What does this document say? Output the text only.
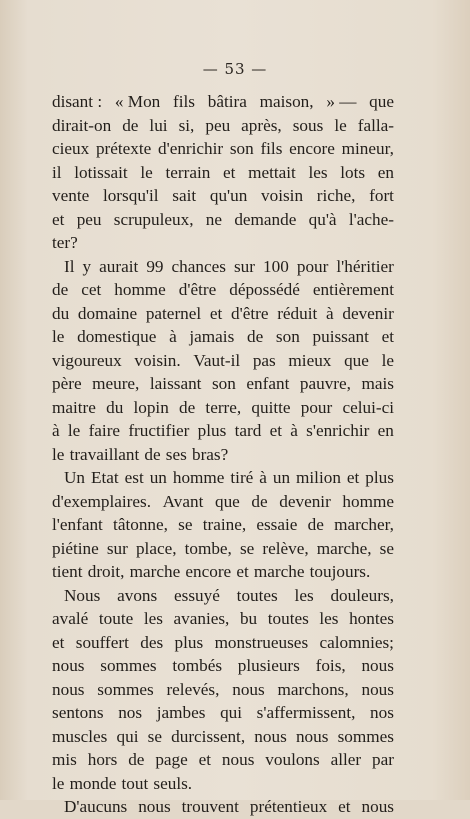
— 53 —
disant : « Mon fils bâtira maison, » — que
dirait-on de lui si, peu après, sous le falla-
cieux prétexte d'enrichir son fils encore mineur,
il lotissait le terrain et mettait les lots en
vente lorsqu'il sait qu'un voisin riche, fort
et peu scrupuleux, ne demande qu'à l'ache-
ter?
Il y aurait 99 chances sur 100 pour l'héritier
de cet homme d'être dépossédé entièrement
du domaine paternel et d'être réduit à devenir
le domestique à jamais de son puissant et
vigoureux voisin. Vaut-il pas mieux que le
père meure, laissant son enfant pauvre, mais
maitre du lopin de terre, quitte pour celui-ci
à le faire fructifier plus tard et à s'enrichir en
le travaillant de ses bras?
Un Etat est un homme tiré à un milion et plus
d'exemplaires. Avant que de devenir homme
l'enfant tâtonne, se traine, essaie de marcher,
piétine sur place, tombe, se relève, marche, se
tient droit, marche encore et marche toujours.
Nous avons essuyé toutes les douleurs,
avalé toute les avanies, bu toutes les hontes
et souffert des plus monstrueuses calomnies;
nous sommes tombés plusieurs fois, nous
nous sommes relevés, nous marchons, nous
sentons nos jambes qui s'affermissent, nos
muscles qui se durcissent, nous nous sommes
mis hors de page et nous voulons aller par
le monde tout seuls.
D'aucuns nous trouvent prétentieux et nous
